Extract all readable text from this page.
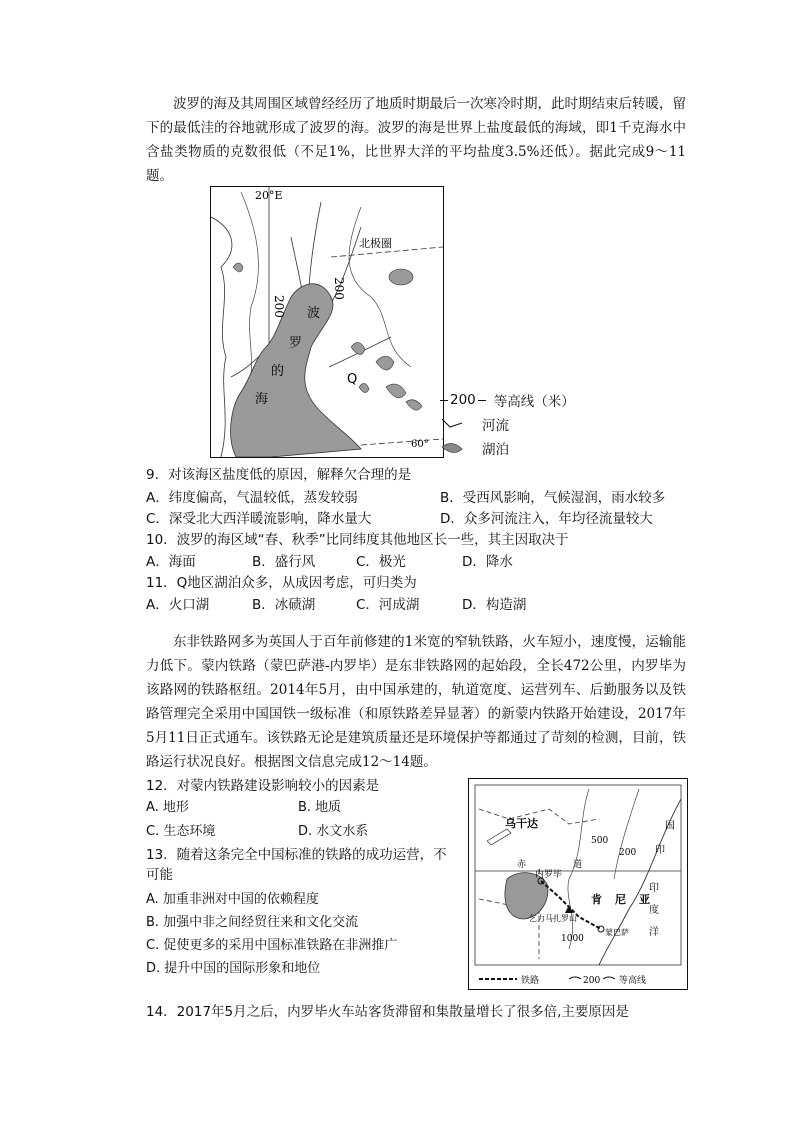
波罗的海及其周围区域曾经经历了地质时期最后一次寒冷时期，此时期结束后转暖，留下的最低洼的谷地就形成了波罗的海。波罗的海是世界上盐度最低的海域，即1千克海水中含盐类物质的克数很低（不足1%，比世界大洋的平均盐度3.5%还低）。据此完成9～11题。
20°E
北极圈
60°
200
200
波
罗
的
海
Q
200 等高线（米）
河流
湖泊
9．对该海区盐度低的原因，解释欠合理的是
A．纬度偏高，气温较低，蒸发较弱	B．受西风影响，气候湿润，雨水较多
C．深受北大西洋暖流影响，降水量大	D．众多河流注入，年均径流量较大
10．波罗的海区域“春、秋季”比同纬度其他地区长一些，其主因取决于
A．海面	B．盛行风	C．极光	D．降水
11．Q地区湖泊众多，从成因考虑，可归类为
A．火口湖	B．冰碛湖	C．河成湖	D．构造湖
东非铁路网多为英国人于百年前修建的1米宽的窄轨铁路，火车短小，速度慢，运输能力低下。蒙内铁路（蒙巴萨港-内罗毕）是东非铁路网的起始段，全长472公里，内罗毕为该路网的铁路枢纽。2014年5月，由中国承建的，轨道宽度、运营列车、后勤服务以及铁路管理完全采用中国国铁一级标准（和原铁路差异显著）的新蒙内铁路开始建设，2017年5月11日正式通车。该铁路无论是建筑质量还是环境保护等都通过了苛刻的检测，目前，铁路运行状况良好。根据图文信息完成12～14题。
12．对蒙内铁路建设影响较小的因素是
A. 地形	B. 地质
C. 生态环境	D. 水文水系
13．随着这条完全中国标准的铁路的成功运营，不
可能
A. 加重非洲对中国的依赖程度
B. 加强中非之间经贸往来和文化交流
C. 促使更多的采用中国标准铁路在非洲推广
D. 提升中国的国际形象和地位
乌干达
赤	道
肯 尼 亚
内罗毕
乞力马扎罗山
蒙巴萨
500
200
1000
国
印
印
度
洋
铁路	200 等高线
14．2017年5月之后，内罗毕火车站客货滞留和集散量增长了很多倍,主要原因是
